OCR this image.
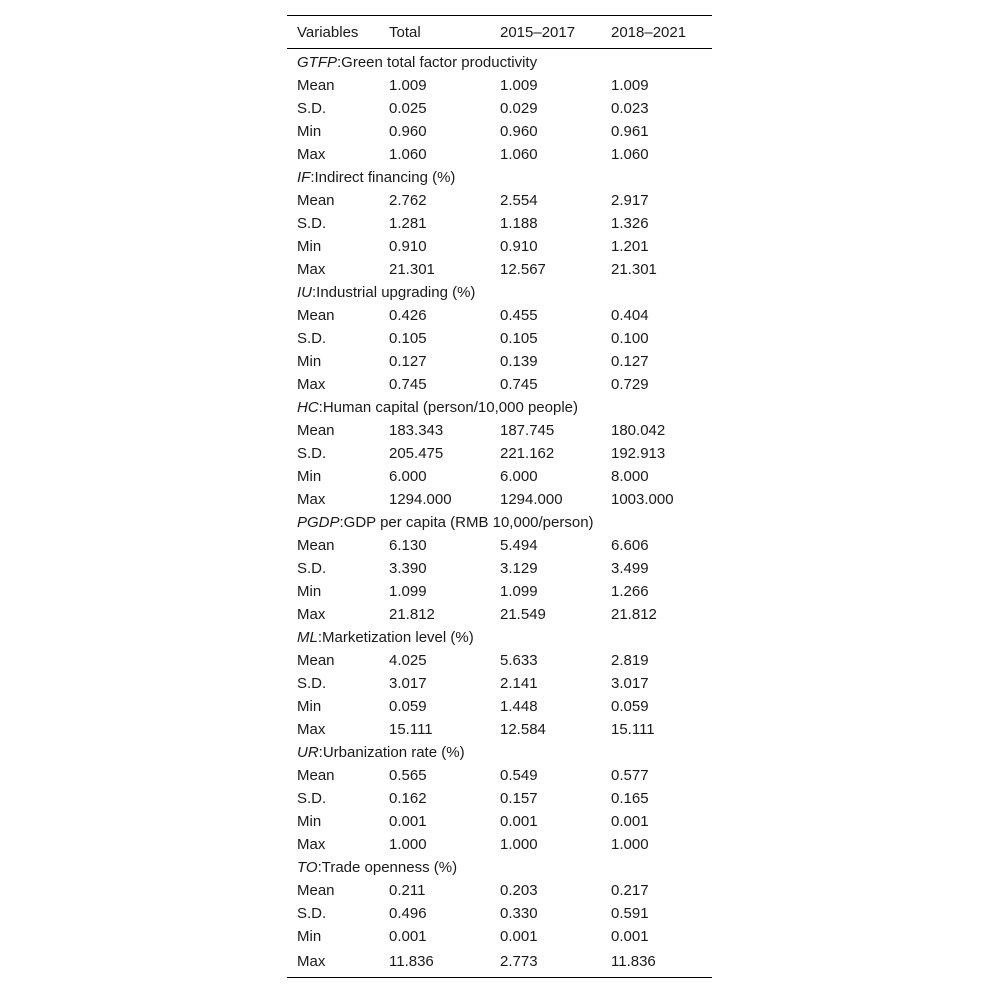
Variables	Total	2015–2017	2018–2021
GTFP:Green total factor productivity			
Mean	1.009	1.009	1.009
S.D.	0.025	0.029	0.023
Min	0.960	0.960	0.961
Max	1.060	1.060	1.060
IF:Indirect financing (%)			
Mean	2.762	2.554	2.917
S.D.	1.281	1.188	1.326
Min	0.910	0.910	1.201
Max	21.301	12.567	21.301
IU:Industrial upgrading (%)			
Mean	0.426	0.455	0.404
S.D.	0.105	0.105	0.100
Min	0.127	0.139	0.127
Max	0.745	0.745	0.729
HC:Human capital (person/10,000 people)			
Mean	183.343	187.745	180.042
S.D.	205.475	221.162	192.913
Min	6.000	6.000	8.000
Max	1294.000	1294.000	1003.000
PGDP:GDP per capita (RMB 10,000/person)			
Mean	6.130	5.494	6.606
S.D.	3.390	3.129	3.499
Min	1.099	1.099	1.266
Max	21.812	21.549	21.812
ML:Marketization level (%)			
Mean	4.025	5.633	2.819
S.D.	3.017	2.141	3.017
Min	0.059	1.448	0.059
Max	15.111	12.584	15.111
UR:Urbanization rate (%)			
Mean	0.565	0.549	0.577
S.D.	0.162	0.157	0.165
Min	0.001	0.001	0.001
Max	1.000	1.000	1.000
TO:Trade openness (%)			
Mean	0.211	0.203	0.217
S.D.	0.496	0.330	0.591
Min	0.001	0.001	0.001
Max	11.836	2.773	11.836
